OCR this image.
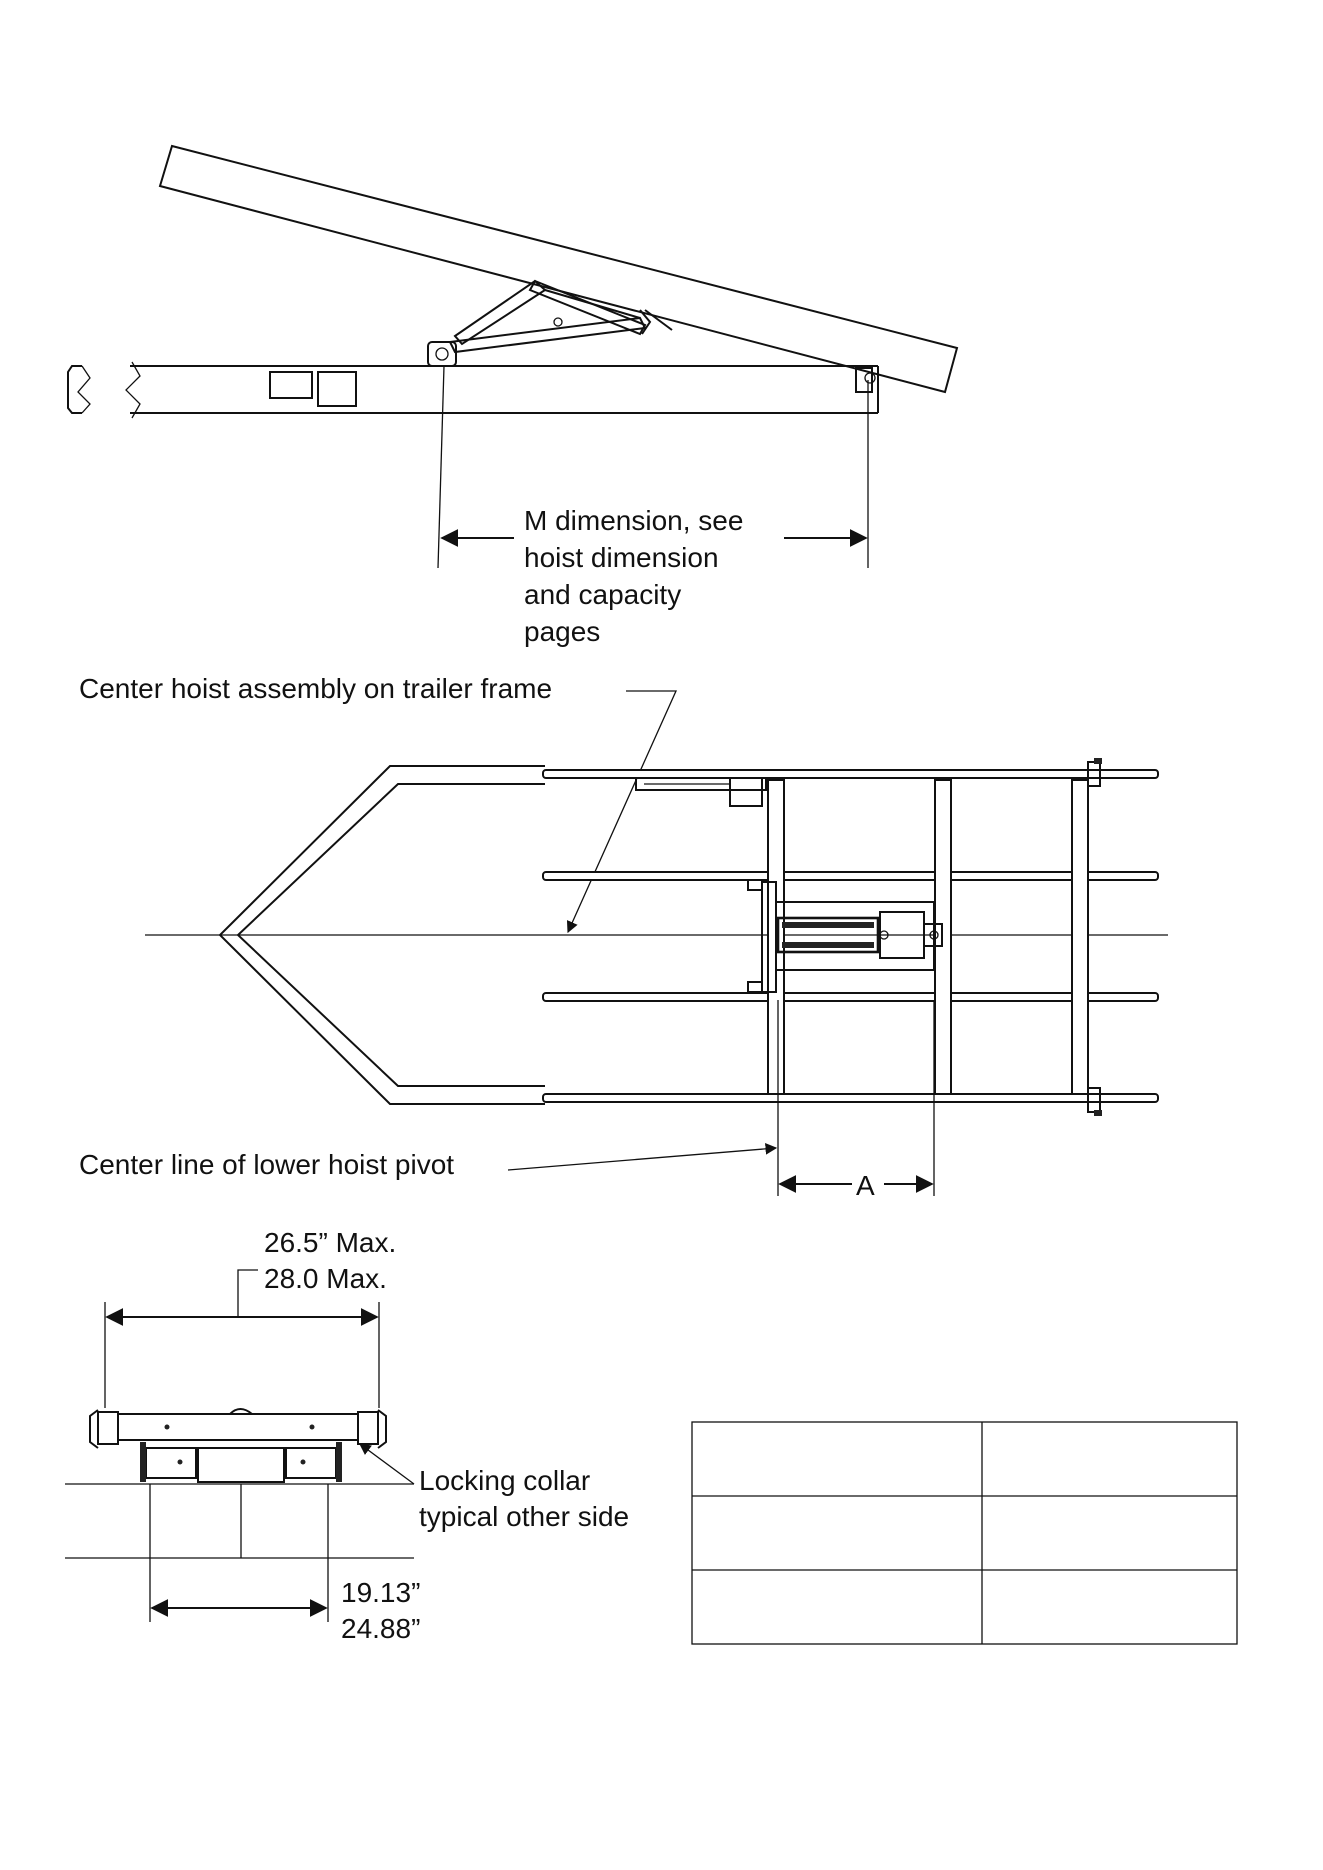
M dimension, see
hoist dimension
and capacity
pages
Center hoist assembly on trailer frame
A
Center line of lower hoist pivot
26.5” Max.
28.0 Max.
Locking collar
typical other side
19.13”
24.88”
